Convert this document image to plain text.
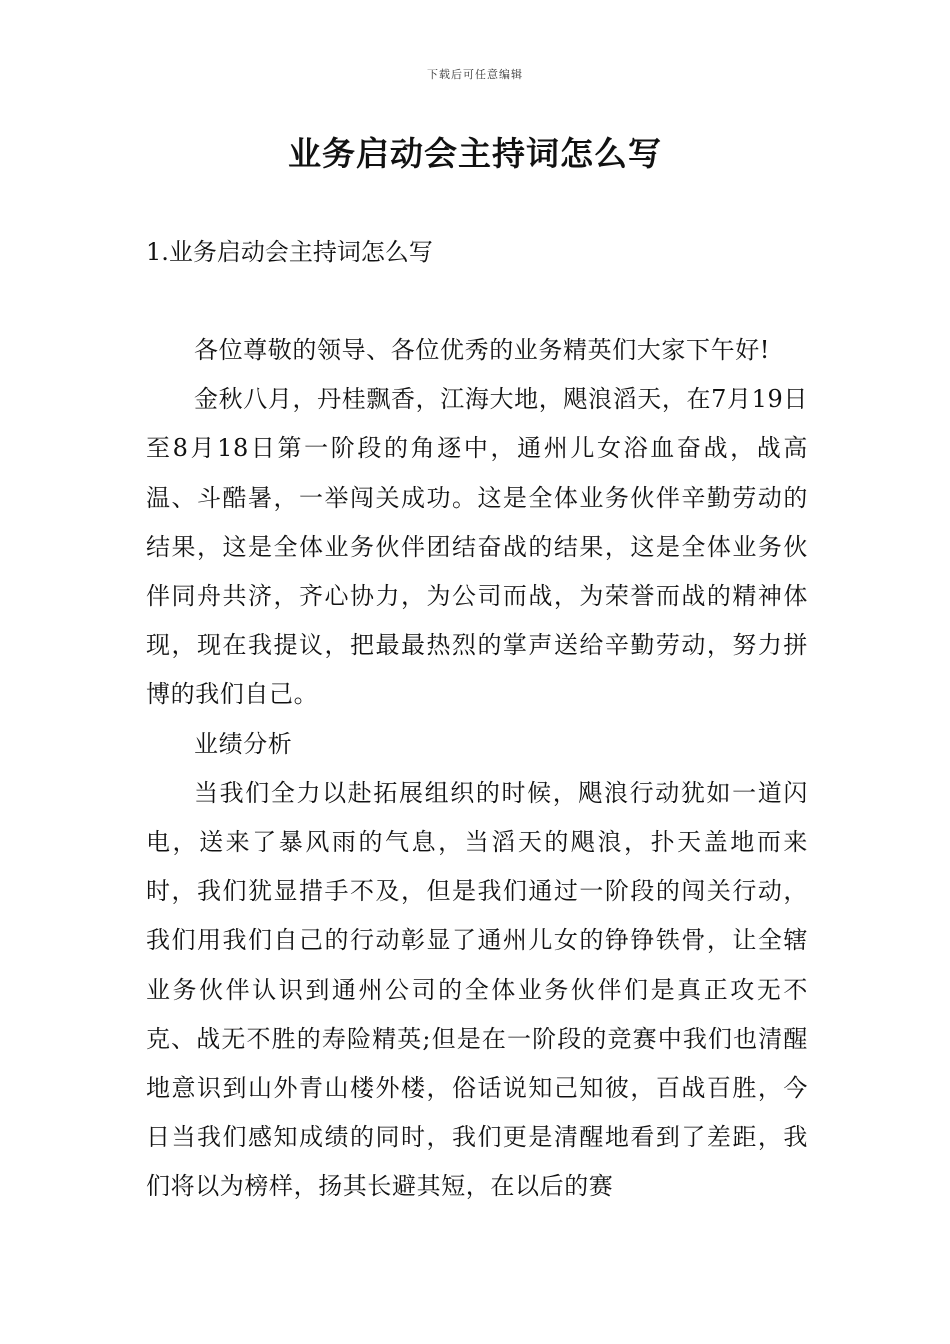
下载后可任意编辑
业务启动会主持词怎么写
1.业务启动会主持词怎么写

各位尊敬的领导、各位优秀的业务精英们大家下午好!

金秋八月，丹桂飘香，江海大地，飓浪滔天，在7月19日至8月18日第一阶段的角逐中，通州儿女浴血奋战，战高温、斗酷暑，一举闯关成功。这是全体业务伙伴辛勤劳动的结果，这是全体业务伙伴团结奋战的结果，这是全体业务伙伴同舟共济，齐心协力，为公司而战，为荣誉而战的精神体现，现在我提议，把最最热烈的掌声送给辛勤劳动，努力拼博的我们自己。

业绩分析

当我们全力以赴拓展组织的时候，飓浪行动犹如一道闪电，送来了暴风雨的气息，当滔天的飓浪，扑天盖地而来时，我们犹显措手不及，但是我们通过一阶段的闯关行动，我们用我们自己的行动彰显了通州儿女的铮铮铁骨，让全辖业务伙伴认识到通州公司的全体业务伙伴们是真正攻无不克、战无不胜的寿险精英;但是在一阶段的竞赛中我们也清醒地意识到山外青山楼外楼，俗话说知己知彼，百战百胜，今日当我们感知成绩的同时，我们更是清醒地看到了差距，我们将以为榜样，扬其长避其短，在以后的赛
